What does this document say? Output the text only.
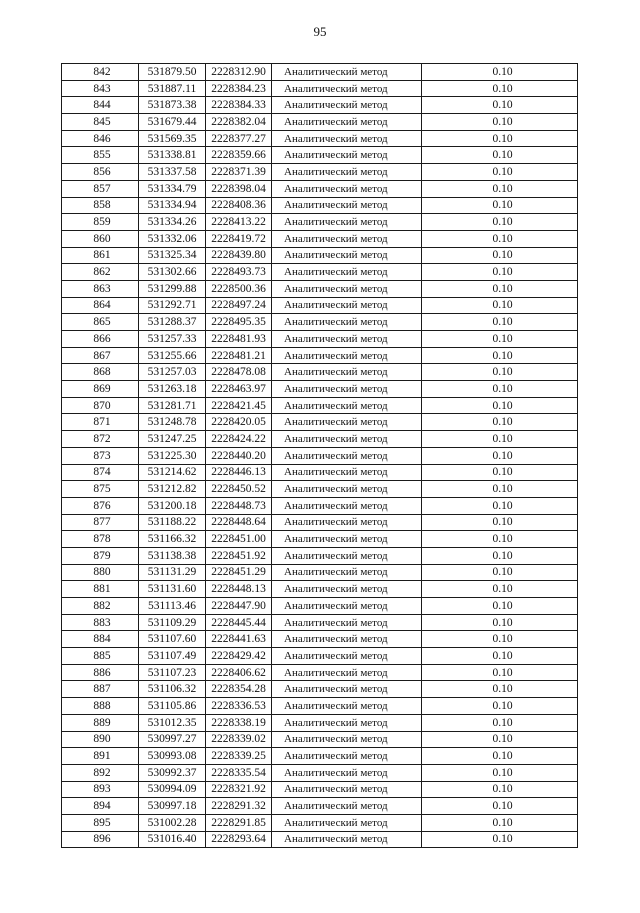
95
842	531879.50	2228312.90	Аналитический метод	0.10
843	531887.11	2228384.23	Аналитический метод	0.10
844	531873.38	2228384.33	Аналитический метод	0.10
845	531679.44	2228382.04	Аналитический метод	0.10
846	531569.35	2228377.27	Аналитический метод	0.10
855	531338.81	2228359.66	Аналитический метод	0.10
856	531337.58	2228371.39	Аналитический метод	0.10
857	531334.79	2228398.04	Аналитический метод	0.10
858	531334.94	2228408.36	Аналитический метод	0.10
859	531334.26	2228413.22	Аналитический метод	0.10
860	531332.06	2228419.72	Аналитический метод	0.10
861	531325.34	2228439.80	Аналитический метод	0.10
862	531302.66	2228493.73	Аналитический метод	0.10
863	531299.88	2228500.36	Аналитический метод	0.10
864	531292.71	2228497.24	Аналитический метод	0.10
865	531288.37	2228495.35	Аналитический метод	0.10
866	531257.33	2228481.93	Аналитический метод	0.10
867	531255.66	2228481.21	Аналитический метод	0.10
868	531257.03	2228478.08	Аналитический метод	0.10
869	531263.18	2228463.97	Аналитический метод	0.10
870	531281.71	2228421.45	Аналитический метод	0.10
871	531248.78	2228420.05	Аналитический метод	0.10
872	531247.25	2228424.22	Аналитический метод	0.10
873	531225.30	2228440.20	Аналитический метод	0.10
874	531214.62	2228446.13	Аналитический метод	0.10
875	531212.82	2228450.52	Аналитический метод	0.10
876	531200.18	2228448.73	Аналитический метод	0.10
877	531188.22	2228448.64	Аналитический метод	0.10
878	531166.32	2228451.00	Аналитический метод	0.10
879	531138.38	2228451.92	Аналитический метод	0.10
880	531131.29	2228451.29	Аналитический метод	0.10
881	531131.60	2228448.13	Аналитический метод	0.10
882	531113.46	2228447.90	Аналитический метод	0.10
883	531109.29	2228445.44	Аналитический метод	0.10
884	531107.60	2228441.63	Аналитический метод	0.10
885	531107.49	2228429.42	Аналитический метод	0.10
886	531107.23	2228406.62	Аналитический метод	0.10
887	531106.32	2228354.28	Аналитический метод	0.10
888	531105.86	2228336.53	Аналитический метод	0.10
889	531012.35	2228338.19	Аналитический метод	0.10
890	530997.27	2228339.02	Аналитический метод	0.10
891	530993.08	2228339.25	Аналитический метод	0.10
892	530992.37	2228335.54	Аналитический метод	0.10
893	530994.09	2228321.92	Аналитический метод	0.10
894	530997.18	2228291.32	Аналитический метод	0.10
895	531002.28	2228291.85	Аналитический метод	0.10
896	531016.40	2228293.64	Аналитический метод	0.10
